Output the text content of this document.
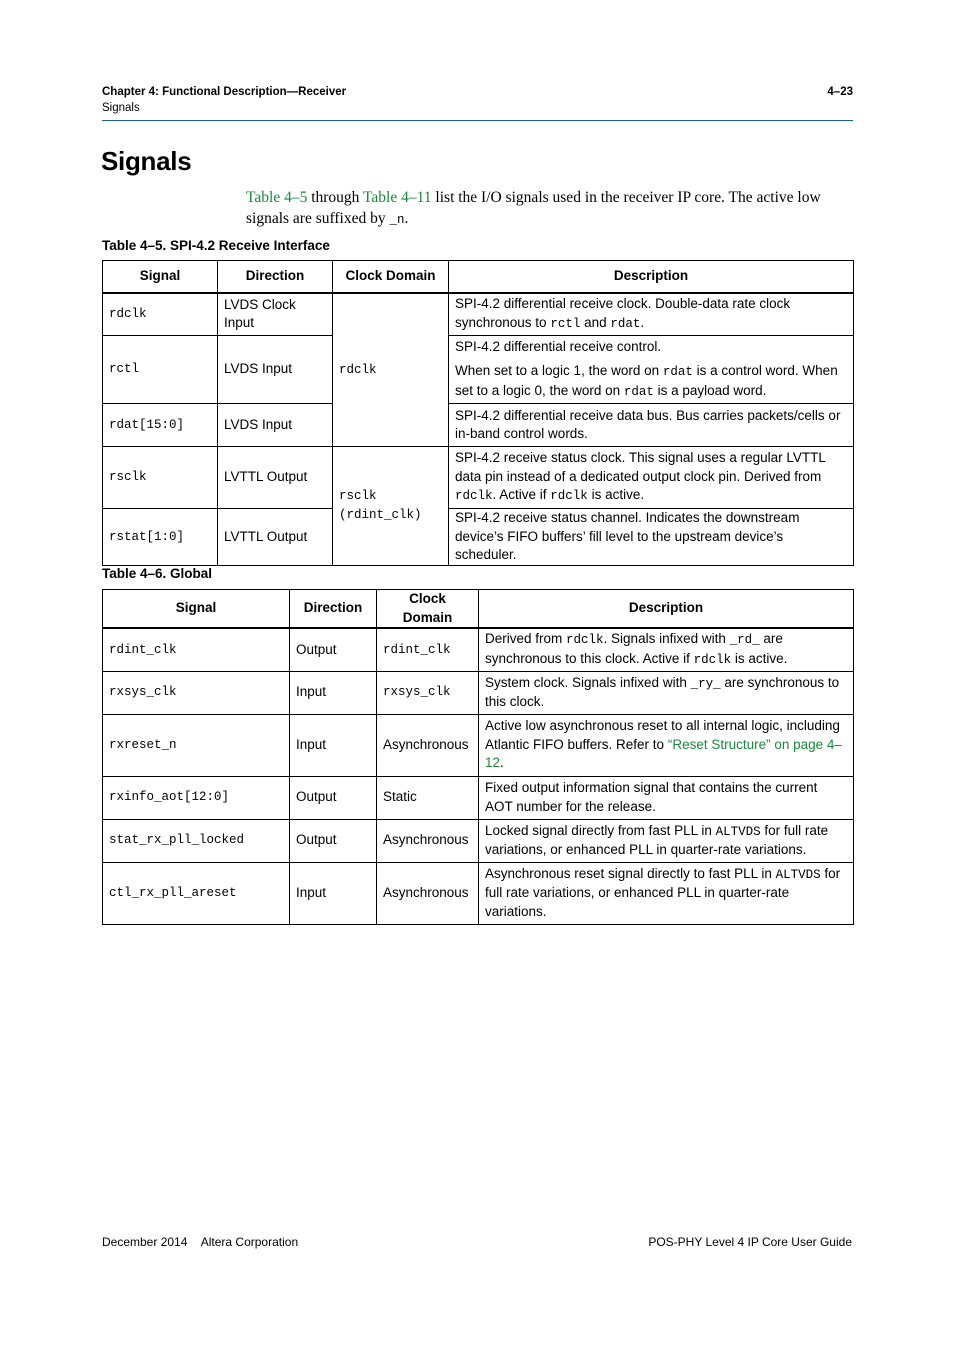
Chapter 4: Functional Description—Receiver
Signals
4–23
Signals
Table 4–5 through Table 4–11 list the I/O signals used in the receiver IP core. The active low signals are suffixed by _n.
Table 4–5. SPI-4.2 Receive Interface
Signal	Direction	Clock Domain	Description
rdclk	LVDS Clock Input	rdclk	SPI-4.2 differential receive clock. Double-data rate clock synchronous to rctl and rdat.
rctl	LVDS Input		SPI-4.2 differential receive control.
When set to a logic 1, the word on rdat is a control word. When set to a logic 0, the word on rdat is a payload word.

rdat[15:0]	LVDS Input		SPI-4.2 differential receive data bus. Bus carries packets/cells or in-band control words.
rsclk	LVTTL Output	rsclk
(rdint_clk)	SPI-4.2 receive status clock. This signal uses a regular LVTTL data pin instead of a dedicated output clock pin. Derived from rdclk. Active if rdclk is active.
rstat[1:0]	LVTTL Output		SPI-4.2 receive status channel. Indicates the downstream device’s FIFO buffers’ fill level to the upstream device’s scheduler.
Table 4–6. Global
Signal	Direction	Clock Domain	Description
rdint_clk	Output	rdint_clk	Derived from rdclk. Signals infixed with _rd_ are synchronous to this clock. Active if rdclk is active.
rxsys_clk	Input	rxsys_clk	System clock. Signals infixed with _ry_ are synchronous to this clock.
rxreset_n	Input	Asynchronous	Active low asynchronous reset to all internal logic, including Atlantic FIFO buffers. Refer to “Reset Structure” on page 4–12.
rxinfo_aot[12:0]	Output	Static	Fixed output information signal that contains the current AOT number for the release.
stat_rx_pll_locked	Output	Asynchronous	Locked signal directly from fast PLL in ALTVDS for full rate variations, or enhanced PLL in quarter-rate variations.
ctl_rx_pll_areset	Input	Asynchronous	Asynchronous reset signal directly to fast PLL in ALTVDS for full rate variations, or enhanced PLL in quarter-rate variations.
December 2014 Altera Corporation	POS-PHY Level 4 IP Core User Guide
